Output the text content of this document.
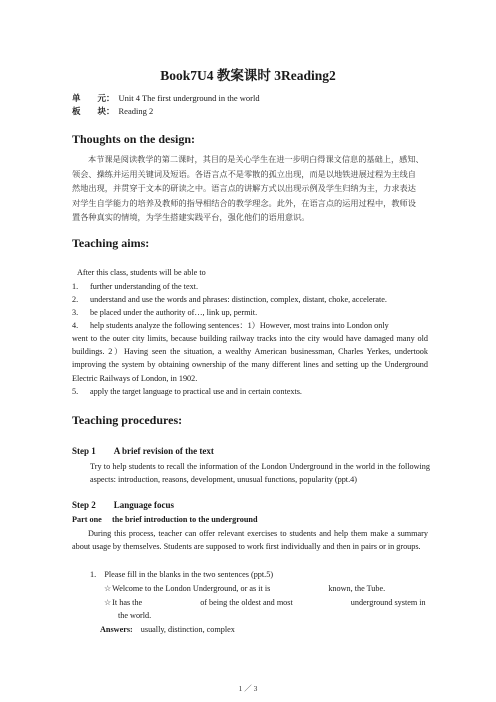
Book7U4 教案课时 3Reading2
单　　元： Unit 4 The first underground in the world
板　　块： Reading 2
Thoughts on the design:
本节课是阅读教学的第二课时，其目的是关心学生在进一步明白得课文信息的基础上，感知、领会、操练并运用关键词及短语。各语言点不是零散的孤立出现，而是以地铁进展过程为主线自然地出现，并贯穿于文本的研读之中。语言点的讲解方式以出现示例及学生归纳为主，力求表达对学生自学能力的培养及教师的指导相结合的教学理念。此外，在语言点的运用过程中，教师设置各种真实的情境，为学生搭建实践平台，强化他们的语用意识。
Teaching aims:
After this class, students will be able to
1. further understanding of the text.
2. understand and use the words and phrases: distinction, complex, distant, choke, accelerate.
3. be placed under the authority of…, link up, permit.
4. help students analyze the following sentences：1）However, most trains into London only
went to the outer city limits, because building railway tracks into the city would have damaged many old buildings. 2）Having seen the situation, a wealthy American businessman, Charles Yerkes, undertook improving the system by obtaining ownership of the many different lines and setting up the Underground Electric Railways of London, in 1902.
5. apply the target language to practical use and in certain contexts.
Teaching procedures:
Step 1 A brief revision of the text
Try to help students to recall the information of the London Underground in the world in the following aspects: introduction, reasons, development, unusual functions, popularity (ppt.4)
Step 2 Language focus
Part one　 the brief introduction to the underground
During this process, teacher can offer relevant exercises to students and help them make a summary about usage by themselves. Students are supposed to work first individually and then in pairs or in groups.
1.　Please fill in the blanks in the two sentences (ppt.5)
☆Welcome to the London Underground, or as it is	known, the Tube.
☆It has the	of being the oldest and most	underground system in
the world.
Answers: usually, distinction, complex
1 ／ 3
